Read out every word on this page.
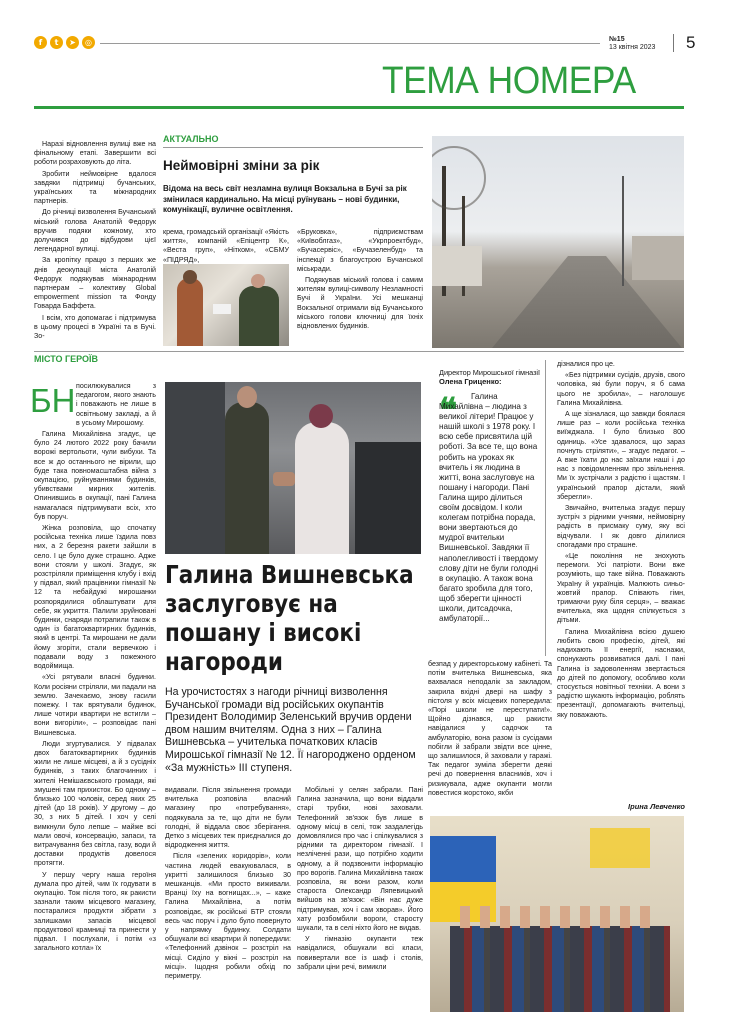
f	t	➤	◎	№15
13 квітня 2023 5
ТЕМА НОМЕРА

Наразі відновлення вулиці вже на фінальному етапі. Завершити всі роботи розраховують до літа.

Зробити неймовірне вдалося завдяки підтримці бучанських, українських та міжнародних партнерів.

До річниці визволення Бучанський міський голова Анатолій Федорук вручив подяки кожному, хто долучився до відбудови цієї легендарної вулиці.

За кропітку працю з перших же днів деокупації міста Анатолій Федорук подякував міжнародним партнерам – колективу Global empowerment mission та Фонду Говарда Баффета.

І всім, хто допомагає і підтримува в цьому процесі в Україні та в Бучі. Зо-

АКТУАЛЬНО
Неймовірні зміни за рік
Відома на весь світ незламна вулиця Вокзальна в Бучі за рік змінилася кардинально. На місці руїнувань – нові будинки, комунікації, вуличне освітлення.

крема, громадській організації «Якість життя», компаній «Епіцентр К», «Веста груп», «Нітком», «СБМУ «ПІДРЯД»,

«Бруковка», підприємствам «Київоблгаз», «Укрпроектбуд», «Бучасервіс», «Бучазеленбуд» та інспекції з благоустрою Бучанської міськради.

Подякував міський голова і самим жителям вулиці-символу Незламності Бучі й України. Усі мешканці Вокзальної отримали від Бучанського міського голови ключниці для їхніх відновлених будинків.

МІСТО ГЕРОЇВ
БН посилюкувалися з педагогом, якого знають і поважають не лише в освітньому закладі, а й в усьому Мирошому.

Галина Михайлівна згадує, це було 24 лютого 2022 року бачили ворожі вертольоти, чули вибухи. Та все ж до останнього не вірили, що буде така повномасштабна війна з окупацією, руйнуваннями будинків, убивствами мирних жителів. Опинившись в окупації, пані Галина намагалася підтримувати всіх, хто був поруч.

Жінка розповіла, що спочатку російська техніка лише їздила повз них, а 2 березня ракети зайшли в село. І це було дуже страшно. Адже вони стояли у школі. Згадує, як розстріляли приміщення клубу і вхід у підвал, який працівники гімназії № 12 та небайдужі мирошанки розпорядилися облаштувати для себе, як укриття. Палили зруйновані будинки, снаряди потрапили також в один із багатоквартирних будинків, який в центрі. Та мирошани не дали йому згоріти, стали вервечкою і подавали воду з пожежного водоймища.

«Усі рятували власні будинки. Коли росіяни стріляли, ми падали на землю. Зачекаємо, знову гасили пожежу. І так врятували будинок, лише чотири квартири не встигли – вони вигоріли», – розповідає пані Вишневська.

Люди згуртувалися. У підвалах двох багатоквартирних будинків жили не лише місцеві, а й з сусідніх будинків, з таких благочинних і жителі Немішаєвського громади, які змушені там прихисток. Бо одному – близько 100 чоловік, серед яких 25 дітей (до 18 років). У другому – до 30, з них 5 дітей. І хоч у селі вимкнули було лепше – майже всі мали овочі, консервацію, запаси, та витрачування без світла, газу, води й доставки продуктів довелося протягти.

У першу чергу наша героїня думала про дітей, чим їх годувати в окупацію. Тож після того, як ракисти зазнали таким місцевого магазину, постаралися продукти зібрати з залишками запасів місцевої продуктової крамниці та принести у підвал. І послухали, і потім «з загального котла» їх

Галина Вишневська заслуговує на пошану і високі нагороди
На урочистостях з нагоди річниці визволення Бучанської громади від російських окупантів Президент Володимир Зеленський вручив ордени двом нашим вчителям. Одна з них – Галина Вишневська – учителька початкових класів Мирошської гімназії № 12. Її нагороджено орденом «За мужність» III ступеня.

видавали. Після звільнення громади вчителька розповіла власний магазину про «потребування», подякувала за те, що діти не були голодні, й віддала своє зберігання. Детко з місцевих теж приєдналися до відродження життя.

Після «зелених коридорів», коли частина людей евакуювалася, в укритті залишилося близько 30 мешканців. «Ми просто виживали. Вранці їху на вогнищах...», – каже Галина Михайлівна, а потім розповідає, як російські БТР стояли весь час поруч і дуло було повернуто у напрямку будинку. Солдати обшукали всі квартири й попередили: «Телефонний дзвінок – розстріл на місці. Сиділо у вікні – розстріл на місці». Іщодня робили обхід по периметру.

Директор Мирошської гімназії
Олена Гриценко:
❝	Галина Михайлівна – людина з великої літери! Працює у нашій школі з 1978 року. І всю себе присвятила цій роботі. За все те, що вона робить на уроках як вчитель і як людина в житті, вона заслуговує на пошану і нагороди. Пані Галина щиро ділиться своїм досвідом. І коли колегам потрібна порада, вони звертаються до мудрої вчительки Вишневської. Завдяки її наполегливості і твердому слову діти не були голодні в окупацію. А також вона багато зробила для того, щоб зберегти цінності школи, дитсадочка, амбулаторії...

безпад у директорському кабінеті. Та потім вчителька Вишневська, яка вахвалася неподалік за закладом, закрила вхідні двері на шафу з пістоля у всіх місцевих попередила: «Порі школи не переступати!». Щойно дізнався, що ракисти навідалися у садочок та амбулаторію, вона разом із сусідами побігли й забрали звідти все цінне, що залишилося, й заховали у гаражі. Так педагог зуміла зберегти деякі речі до повернення власників, хоч і ризикувала, адже окупанти могли повестися жорстоко, якби

Мобільні у селян забрали. Пані Галина зазначила, що вони віддали старі трубки, нові заховали. Телефонний зв'язок був лише в одному місці в селі, тож заздалегідь домовлялися про час і спілкувалися з рідними та директором гімназії. І незліченні рази, що потрібно ходити одному, а й подзвонити інформацію про ворогів. Галина Михайлівна також розповіла, як вони разом, коли староста Олександр Ляпевицький вийшов на зв'язок: «Він нас дуже підтримував, хоч і сам хворав». Його хату розбомбили вороги, старосту шукали, та в селі ніхто його не видав.

У гімназію окупанти теж навідалися, обшукали всі класи, повивертали все із шаф і столів, забрали ціни речі, вимикли

дізналися про це.

«Без підтримки сусідів, друзів, свого чоловіка, які були поруч, я б сама цього не зробила», – наголошує Галина Михайлівна.

А ще зізналася, що завжди боялася лише раз – коли російська техніка виїжджала. І було близько 800 одиниць. «Усе здавалося, що зараз почнуть стріляти», – згадує педагог. – А вже їхати до нас заїхали наші і до нас з повідомленням про звільнення. Ми їх зустрічали з радістю і щастям. І український прапор дістали, який зберегли».

Звичайно, вчителька згадує першу зустріч з рідними учнями, неймовірну радість в присмаку суму, яку всі відчували. І як довго ділилися спогадами про страшне.

«Це покоління не знохують перемоги. Усі патріоти. Вони вже розуміють, що таке війна. Поважають Україну й українців. Малюють синьо-жовтий прапор. Співають гімн, тримаючи руку біля серця», – вважає вчителька, яка щодня спілкується з дітьми.

Галина Михайлівна всією душею любить свою професію, дітей, які надихають її енергії, наснажи, спонукають розвиватися далі. І пані Галина із задоволенням звертається до дітей по допомогу, особливо коли стосується новітньої техніки. А вони з радістю шукають інформацію, роблять презентації, допомагають вчительці, яку поважають.

Ірина Левченко
